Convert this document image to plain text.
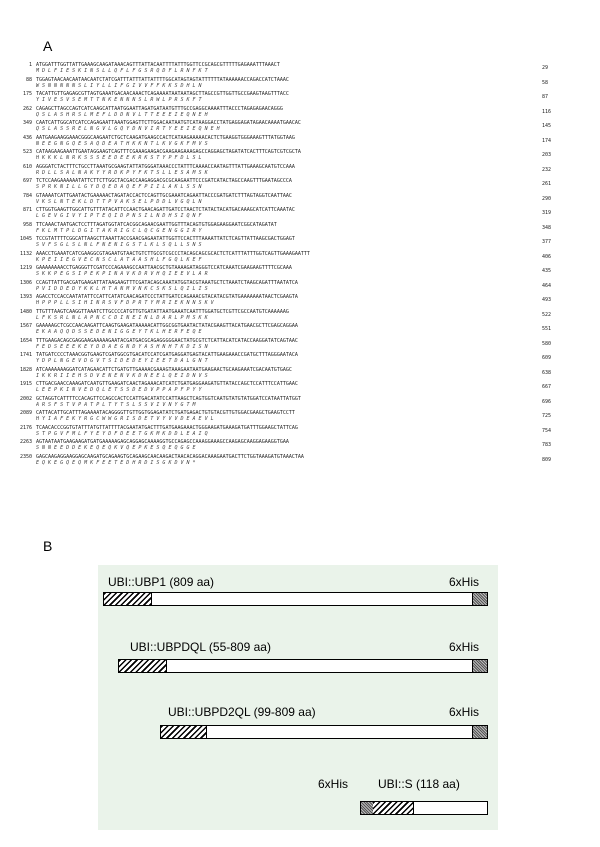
A
1 ATGGATTTGGTTATTGAAAGCAAGATAAACAGTTTATTACAATTTTATTTGGTTCCGCAGCGTTTTTGAGAAATTTAAACT
M D L F I E S K I N S L L Q F L F G S R Q D F L R N F K T	29
88 TGGAGTAACAACAATAACAATCTATCGATTTATTTATTATTTTGGCATAGTAGTATTTTTTATAAAAAACCAGACCATCTAAAC
W S N N N N N S L I Y L L I F G I V V F F K K S D H L N	58
175 TACATTGTTGAGAGCGTTAGTGAAATGACAACAAACTCAGAAAATAATAATAGCTTAGCCGTTGGTTGCCGAAGTAAGTTTACC
Y I V E S V S E M T T N K E N N N S L R W L P R S K F T	87
262 CAGAGCTTAGCCAGTCATCAAGCATTAATGGAATTAGATGATAATGTTTGCCGAGGCAAAATTTACCCTAGAGAGAACAGGG
Q S L A S H R S L M E F L D D N V L T T E E E I E Q N E H	116
349 CAATCATTGGCATCATCCAGAGAATTAAATGGAGTTCTTGGACAATAATGTCATAAGGACCTATGAGGAGATAGAACAAAATGAACAC
Q S L A S S R E L N G V L G Q Y D N V I R T Y E E I E Q N E H	145
436 AATGAAGAAGGAAACGGGCAAGAATCTGCTCAAGATGAAGCCACTCATAAGAAAAACACTCTGAAGGTGGGAAAGTTTATGGTAAG
N E E G N G Q E S A Q D E A T H K K N T L K V G K F M V S	174
523 CATAAGAAGAAATTGAATAGGAAGTCAGTTTCGAAAGAAGACGAAGAAGAAAGAGCCAGGAGCTAGATATCACTTTCAGTCGTCGCTA
H K K K L N R K S S S E E D E E K R K S T Y P F D L S L	203
610 AGGGATCTACTTTCTGCCTTAAATGCGAAGTATTATGGGATAAACCCTATTTCAAAACCAATAGTTTATTGAAAGCAATGTCCAAA
R D L L S A L N A K Y Y R D K P Y F K T S L L E S A M S K	232
697 TCTCCAAGAAAAAATATTCTTCTTGGCTACGACCAAGAGGACGCGCAAGAATTCCCGATCATACTAGCCAAGTTTGAATAGCCCA
S P R K N I L L G Y D Q E D A Q E F P I I L A K L S S N	261
784 GTAAAATCATTGAATACTGAAAAACTAGATACCACTCCAGTTGCGAAATCAGAATTACCCGATGATCTTTAGTAGGTCAATTAAC
V K S L N T E K L D T T P V A K S E L P D D L V G Q L N	290
871 CTTGGTGAAGTTGGCATTGTTTATACATTCCAACTGAACAGATTGATCCTAACTCTATACTACATGACAAAGCATCATTCAAATAC
L G E V G I V Y I P T E Q I D P N S I L N D H S I Q N F	319
958 TTCAAACTAATGACTCCTTTAGATGGTATCACGGCAGAACGAATTGGTTTACAGTGTGGAGAAGGAATCGGCATAGATAT
F K L M T P L D G I T A K R I G C L Q C G E N G G I R Y	348
1045 TCCGTATTTTCGGCATTAAGCTTAAATTACCGAACGAGAATATTGGTTCCACTTTAAAATTATCTCAGTTATTAAGCGACTGGAGT
S V F S G L S L N L F N E N I G S T L K L S Q L L S N S	377
1132 AAACCTGAAATCATCGAAGGCGTAGAATGTAACTGTCTTGCGTCGCCCTACAGCAGCGCACTCTCATTTATTTGGTCAGTTGAAAGAATTT
K P E I I E G V E C N S C L A T A A S H L F G Q L K E F	406
1219 GAAAAAAAACCTGAGGGTTCGATCCCAGAAAGCCAATTAACGCTGTAAAAGATAGGGTCCATCAAATCGAAGAAGTTTTCGCAAA
S K K P E G S I P E K P I N A V K D R V H Q I E E V L A R	435
1306 CCAGTTATTGACGATGAAGATTATAAGAAGTTTCGATACAGCAAATATGGTACGTAAATGCTCTAAATCTAAGCAGATTTAATATCA
P V I D D E D Y K K L H T A N M V N K C S K S L Q I L I S	464
1393 AGACCTCCACCAATATATTCCATTCATATCAACAGATCCCTATTGATCCAGAAACGTACATACGTATGAAAAAAATAACTCGAAGTA
H P P P L L S I H I N R S V F D P R T Y M R I E K N N S K V	493
1480 TTGTTTAAGTCAAGGTTAAATCTTGCCCCATGTTGTGATATTAATGAAATCAATTTGGATGCTCGTTCGCCAATGTCAAAAAAG
L F K S R L N L A P N C C D I N E I N L D A R L P M S K K	522
1567 GAAAAAGCTCGCCAACAAGATTCAAGTGAAGATAAAAACATTGGCGGTGAATACTATACGAAGTTACATGAACGCTTCGAGCAGGAA
E K A A Q Q D S S E D E N I G G E Y T K L H E R F E Q E	551
1654 TTTGAAGACAGCGAGGAAGAAAAAGAATACGATGACGCAGAGGGGGAACTATGCGTCTCATTACATCATACCAAGGATATCAGTAAC
F E D S E E E K E Y D D A E G N D Y A S H N H T K D I S N	580
1741 TATGATCCCCTAAACGGTGAAGTCGATGGCGTGACATCCATCGATGAGGATGAGTACATTGAAGAAACCGATGCTTTAGGGAATACA
Y D P L N G E V D G V T S I D E D E Y I E E T D A L G N T	609
1828 ATCAAAAAAAGGATCATAGAACATTCTGATGTTGAAAACGAAAGTAAAGAATAATGAAGAACTGCAAGAAATCGACAATGTGAGC
I K K R I I E H S D V E N E N V K D N E E L Q E I D N V S	638
1915 CTTGACGAACCAAAGATCAATGTTGAAGATCAACTAGAAACATCATCTGATGAGGAAGATGTTATACCAGCTCCATTTCCATTGAAC
L E E P K I N V E D Q L E T S S D E D V P P A P F P Y Y	667
2002 GCTAGGTCATTTTCCACAGTTCCAGCCACTCCATTGACATATCCATTAAGCTCAGTGGTCAATGTATGTATGGATCCATAATTATGGT
A R S F S T V P A T P L T Y T S L S S V I V N Y G T M	696
2089 CATTACATTGCATTTAGAAAATACAGGGGTTGTTGGTGGAGATATCTGATGAGACTGTGTACGTTGTGGACGAAGCTGAAGTCCTT
H Y I A F E K Y R G C W W G R I S D E T V Y V V D E A E V L	725
2176 TCAACACCCGGTGTATTTATGTTATTTTACGAATATGACTTTGATGAAGAAACTGGGAAGATGAAAGATGATTTGGAAGCTATTCAG
S T P G V F M L F Y E Y D F D E E T G K M K D D L E A I Q	754
2263 AGTAATAATGAAGAAGATGATGAAAAAGAGCAGGAGCAAAAGGTGCCAGAGCCAAAGGAAAGCCAAGAGCAAGGAGAAGGTGAA
S N N E E D D E K E Q E Q K V Q E P K E S Q E Q G G E	783
2350 GAGCAAGAGGAAGGAGCAAGATGCAGAAGTGCAGAAGCAACAAGACTAACACAGGACAAAGAATGACTTCTGGTAAAGATGTAAACTAA
E Q K E G Q E Q M K F E E T E D H R D I S G K D V N *	809
B
UBI::UBP1 (809 aa)	6xHis
UBI::UBPDQL (55-809 aa)	6xHis
UBI::UBPD2QL (99-809 aa)	6xHis
6xHis UBI::S (118 aa)
